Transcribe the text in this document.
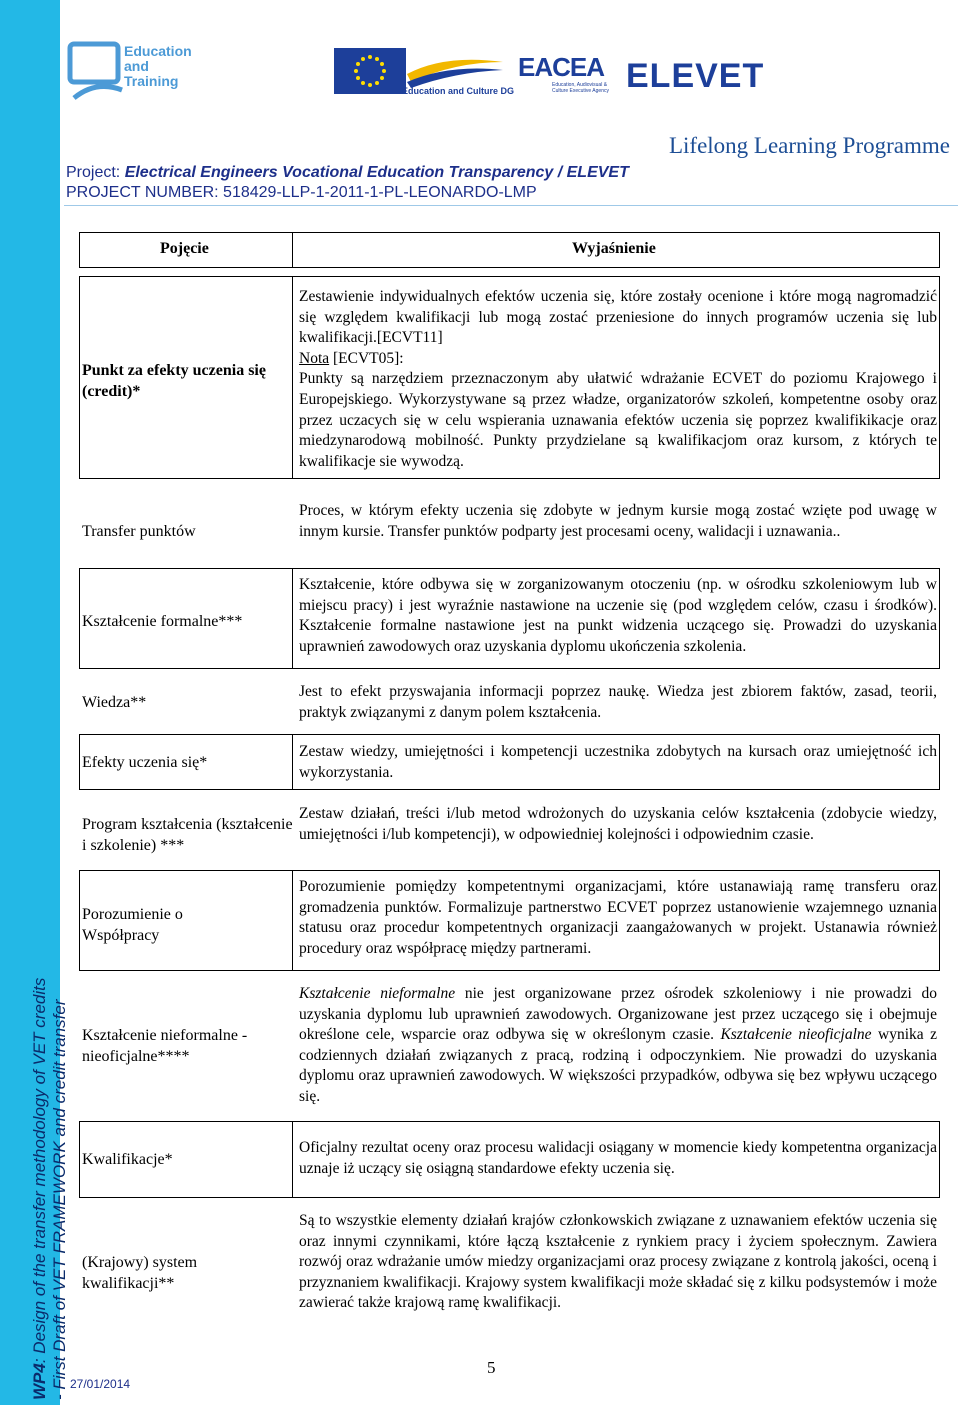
WP4: Design of the transfer methodology of VET credits
- First Draft of VET FRAMEWORK and credit transfer
Education
and
Training
Education and Culture DG
EACEA
Education, Audiovisual & Culture Executive Agency ELEVET
Lifelong Learning Programme
Project: Electrical Engineers Vocational Education Transparency / ELEVET
PROJECT NUMBER: 518429-LLP-1-2011-1-PL-LEONARDO-LMP
Pojęcie	Wyjaśnienie
Punkt za efekty uczenia się (credit)*
Zestawienie indywidualnych efektów uczenia się, które zostały ocenione i które mogą nagromadzić się względem kwalifikacji lub mogą zostać przeniesione do innych programów uczenia się lub kwalifikacji.[ECVT11]
Nota [ECVT05]:
Punkty są narzędziem przeznaczonym aby ułatwić wdrażanie ECVET do poziomu Krajowego i Europejskiego. Wykorzystywane są przez władze, organizatorów szkoleń, kompetentne osoby oraz przez uczacych się w celu wspierania uznawania efektów uczenia się poprzez kwalifikikacje oraz miedzynarodową mobilność. Punkty przydzielane są kwalifikacjom oraz kursom, z których te kwalifikacje sie wywodzą.
Transfer punktów
Proces, w którym efekty uczenia się zdobyte w jednym kursie mogą zostać wzięte pod uwagę w innym kursie. Transfer punktów podparty jest procesami oceny, walidacji i uznawania..
Kształcenie formalne***
Kształcenie, które odbywa się w zorganizowanym otoczeniu (np. w ośrodku szkoleniowym lub w miejscu pracy) i jest wyraźnie nastawione na uczenie się (pod względem celów, czasu i środków). Kształcenie formalne nastawione jest na punkt widzenia uczącego się. Prowadzi do uzyskania uprawnień zawodowych oraz uzyskania dyplomu ukończenia szkolenia.
Wiedza**
Jest to efekt przyswajania informacji poprzez naukę. Wiedza jest zbiorem faktów, zasad, teorii, praktyk związanymi z danym polem kształcenia.
Efekty uczenia się*
Zestaw wiedzy, umiejętności i kompetencji uczestnika zdobytych na kursach oraz umiejętność ich wykorzystania.
Program kształcenia (kształcenie i szkolenie) ***
Zestaw działań, treści i/lub metod wdrożonych do uzyskania celów kształcenia (zdobycie wiedzy, umiejętności i/lub kompetencji), w odpowiedniej kolejności i odpowiednim czasie.
Porozumienie o Współpracy
Porozumienie pomiędzy kompetentnymi organizacjami, które ustanawiają ramę transferu oraz gromadzenia punktów. Formalizuje partnerstwo ECVET poprzez ustanowienie wzajemnego uznania statusu oraz procedur kompetentnych organizacji zaangażowanych w projekt. Ustanawia również procedury oraz współpracę między partnerami.
Kształcenie nieformalne - nieoficjalne****
Kształcenie nieformalne nie jest organizowane przez ośrodek szkoleniowy i nie prowadzi do uzyskania dyplomu lub uprawnień zawodowych. Organizowane jest przez uczącego się i obejmuje określone cele, wsparcie oraz odbywa się w określonym czasie. Kształcenie nieoficjalne wynika z codziennych działań związanych z pracą, rodziną i odpoczynkiem. Nie prowadzi do uzyskania dyplomu oraz uprawnień zawodowych. W większości przypadków, odbywa się bez wpływu uczącego się.
Kwalifikacje*
Oficjalny rezultat oceny oraz procesu walidacji osiągany w momencie kiedy kompetentna organizacja uznaje iż uczący się osiągną standardowe efekty uczenia się.
(Krajowy) system kwalifikacji**
Są to wszystkie elementy działań krajów członkowskich związane z uznawaniem efektów uczenia się oraz innymi czynnikami, które łączą kształcenie z rynkiem pracy i życiem społecznym. Zawiera rozwój oraz wdrażanie umów miedzy organizacjami oraz procesy związane z kontrolą jakości, oceną i przyznaniem kwalifikacji. Krajowy system kwalifikacji może składać się z kilku podsystemów i może zawierać także krajową ramę kwalifikacji.
5
27/01/2014
